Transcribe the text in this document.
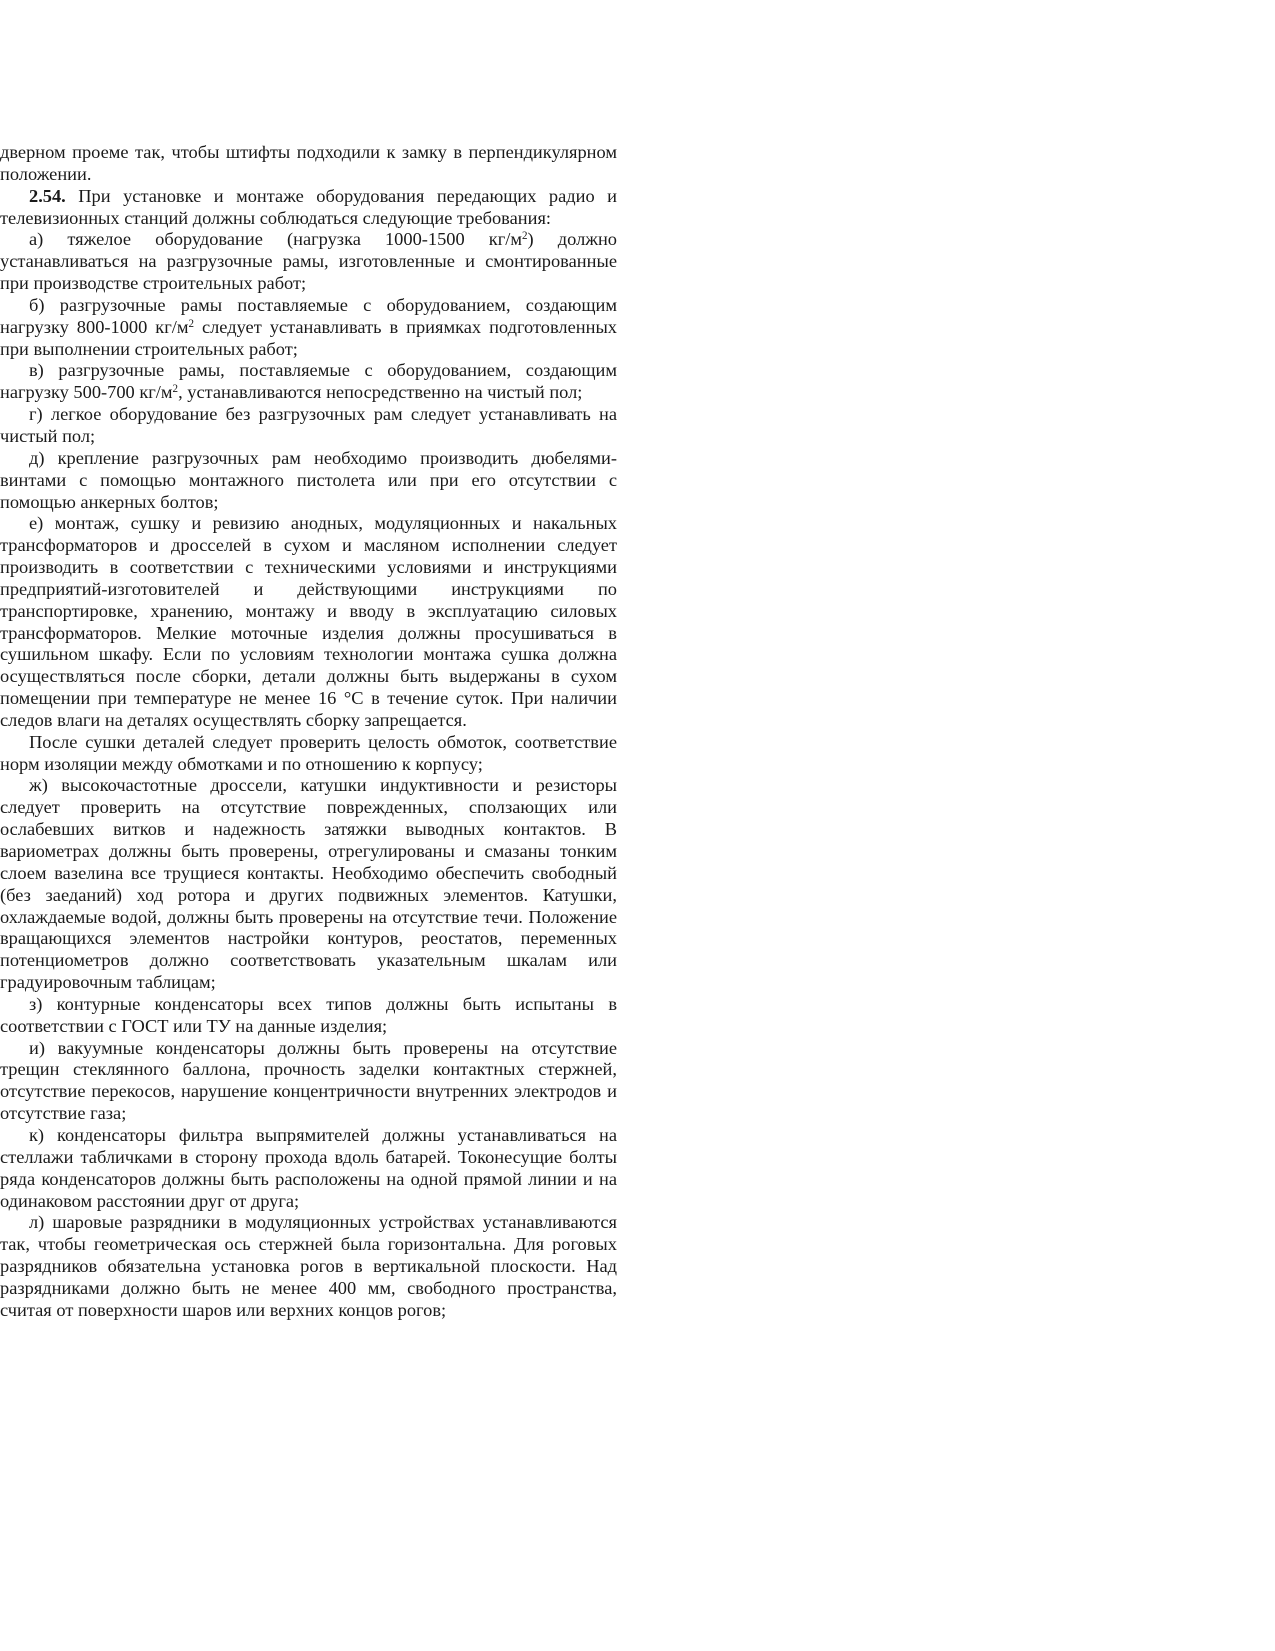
дверном проеме так, чтобы штифты подходили к замку в перпендикулярном положении.

2.54. При установке и монтаже оборудования передающих радио и телевизионных станций должны соблюдаться следующие требования:

а) тяжелое оборудование (нагрузка 1000-1500 $кг/м^2$) должно устанавливаться на разгрузочные рамы, изготовленные и смонтированные при производстве строительных работ;

б) разгрузочные рамы поставляемые с оборудованием, создающим нагрузку 800-1000 $кг/м^2$ следует устанавливать в приямках подготовленных при выполнении строительных работ;

в) разгрузочные рамы, поставляемые с оборудованием, создающим нагрузку 500-700 $кг/м^2$, устанавливаются непосредственно на чистый пол;

г) легкое оборудование без разгрузочных рам следует устанавливать на чистый пол;

д) крепление разгрузочных рам необходимо производить дюбелями-винтами с помощью монтажного пистолета или при его отсутствии с помощью анкерных болтов;

е) монтаж, сушку и ревизию анодных, модуляционных и накальных трансформаторов и дросселей в сухом и масляном исполнении следует производить в соответствии с техническими условиями и инструкциями предприятий-изготовителей и действующими инструкциями по транспортировке, хранению, монтажу и вводу в эксплуатацию силовых трансформаторов. Мелкие моточные изделия должны просушиваться в сушильном шкафу. Если по условиям технологии монтажа сушка должна осуществляться после сборки, детали должны быть выдержаны в сухом помещении при температуре не менее 16 °С в течение суток. При наличии следов влаги на деталях осуществлять сборку запрещается.

После сушки деталей следует проверить целость обмоток, соответствие норм изоляции между обмотками и по отношению к корпусу;

ж) высокочастотные дроссели, катушки индуктивности и резисторы следует проверить на отсутствие поврежденных, сползающих или ослабевших витков и надежность затяжки выводных контактов. В вариометрах должны быть проверены, отрегулированы и смазаны тонким слоем вазелина все трущиеся контакты. Необходимо обеспечить свободный (без заеданий) ход ротора и других подвижных элементов. Катушки, охлаждаемые водой, должны быть проверены на отсутствие течи. Положение вращающихся элементов настройки контуров, реостатов, переменных потенциометров должно соответствовать указательным шкалам или градуировочным таблицам;

з) контурные конденсаторы всех типов должны быть испытаны в соответствии с ГОСТ или ТУ на данные изделия;

и) вакуумные конденсаторы должны быть проверены на отсутствие трещин стеклянного баллона, прочность заделки контактных стержней, отсутствие перекосов, нарушение концентричности внутренних электродов и отсутствие газа;

к) конденсаторы фильтра выпрямителей должны устанавливаться на стеллажи табличками в сторону прохода вдоль батарей. Токонесущие болты ряда конденсаторов должны быть расположены на одной прямой линии и на одинаковом расстоянии друг от друга;

л) шаровые разрядники в модуляционных устройствах устанавливаются так, чтобы геометрическая ось стержней была горизонтальна. Для роговых разрядников обязательна установка рогов в вертикальной плоскости. Над разрядниками должно быть не менее 400 мм, свободного пространства, считая от поверхности шаров или верхних концов рогов;
